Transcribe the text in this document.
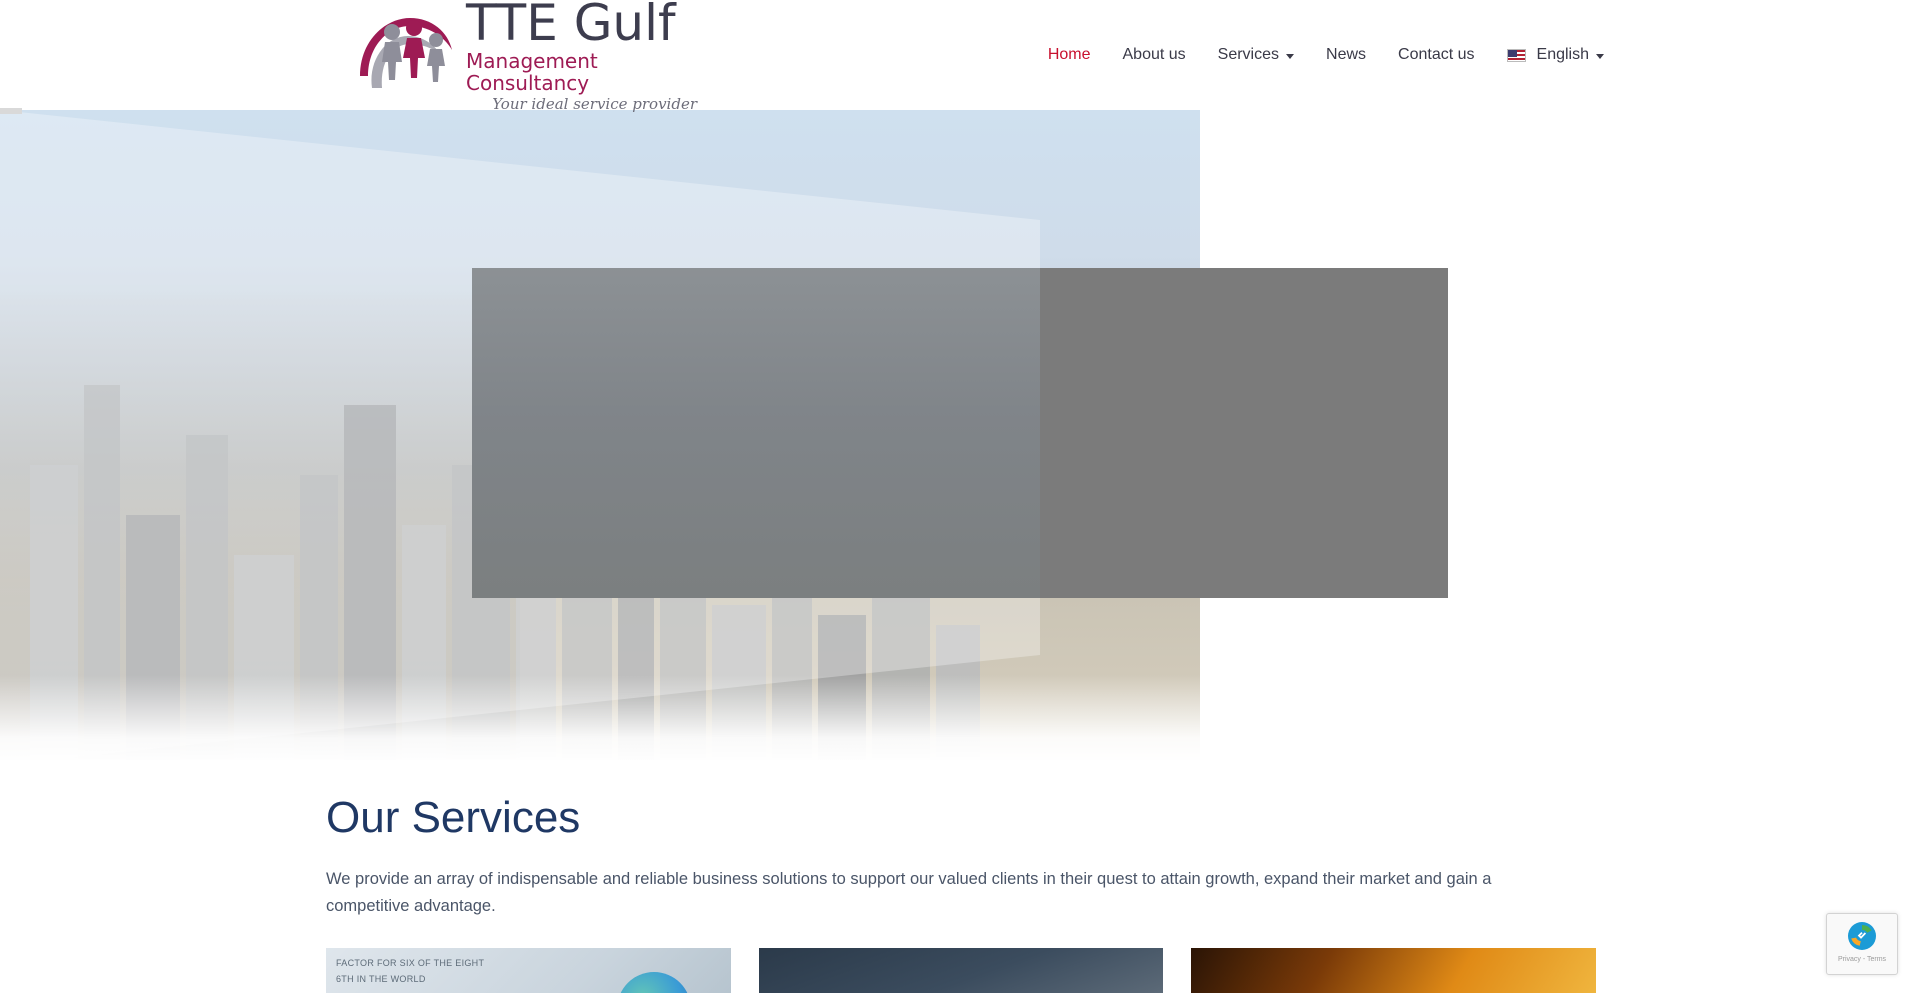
TTE Gulf
Management Consultancy
Your ideal service provider
Home About us Services	News Contact us	English
Our Services

We provide an array of indispensable and reliable business solutions to support our valued clients in their quest to attain growth, expand their market and gain a competitive advantage.

FACTOR FOR SIX OF THE EIGHT
6TH IN THE WORLD
Privacy - Terms
